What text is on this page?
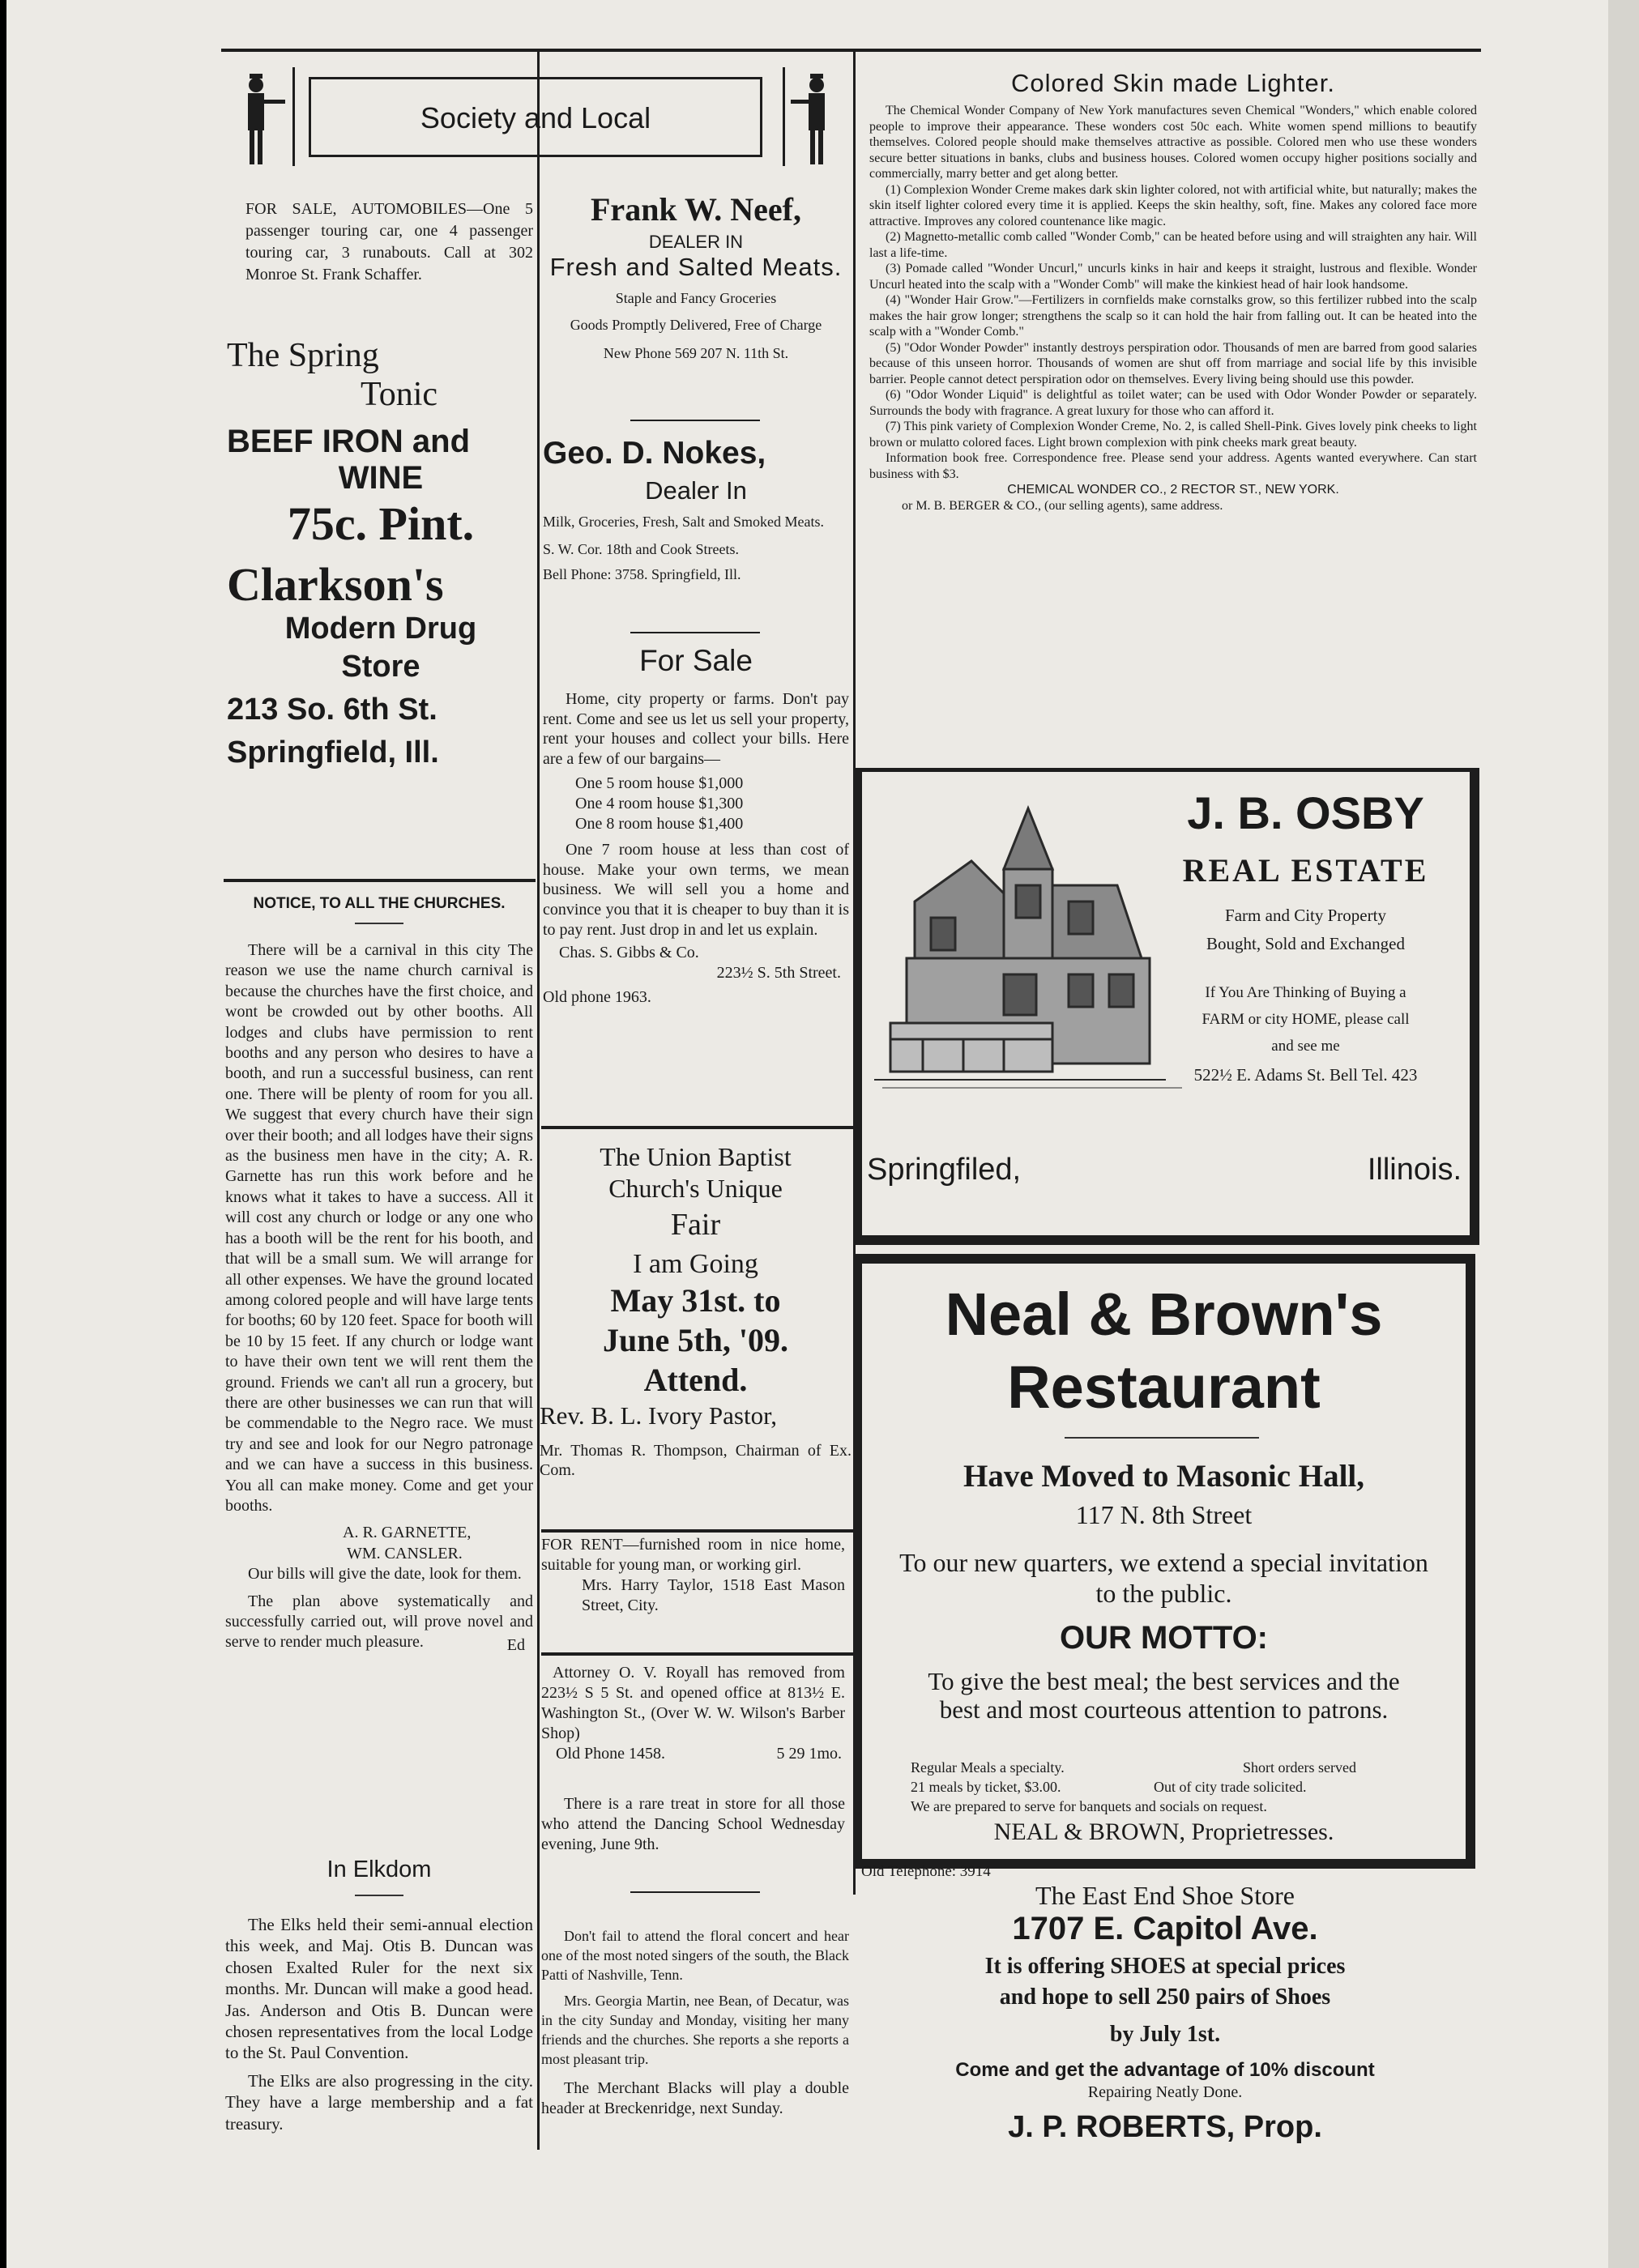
Society and Local
FOR SALE, AUTOMOBILES—One 5 passenger touring car, one 4 passenger touring car, 3 runabouts. Call at 302 Monroe St. Frank Schaffer.
The Spring
Tonic
BEEF IRON and
WINE
75c. Pint.
Clarkson's
Modern Drug
Store
213 So. 6th St.
Springfield, Ill.
NOTICE, TO ALL THE CHURCHES.

There will be a carnival in this city The reason we use the name church carnival is because the churches have the first choice, and wont be crowded out by other booths. All lodges and clubs have permission to rent booths and any person who desires to have a booth, and run a successful business, can rent one. There will be plenty of room for you all. We suggest that every church have their sign over their booth; and all lodges have their signs as the business men have in the city; A. R. Garnette has run this work before and he knows what it takes to have a success. All it will cost any church or lodge or any one who has a booth will be the rent for his booth, and that will be a small sum. We will arrange for all other expenses. We have the ground located among colored people and will have large tents for booths; 60 by 120 feet. Space for booth will be 10 by 15 feet. If any church or lodge want to have their own tent we will rent them the ground. Friends we can't all run a grocery, but there are other businesses we can run that will be commendable to the Negro race. We must try and see and look for our Negro patronage and we can have a success in this business. You all can make money. Come and get your booths.

A. R. GARNETTE,
WM. CANSLER.

Our bills will give the date, look for them.

The plan above systematically and successfully carried out, will prove novel and serve to render much pleasure.	Ed
In Elkdom

The Elks held their semi-annual election this week, and Maj. Otis B. Duncan was chosen Exalted Ruler for the next six months. Mr. Duncan will make a good head. Jas. Anderson and Otis B. Duncan were chosen representatives from the local Lodge to the St. Paul Convention.

The Elks are also progressing in the city. They have a large membership and a fat treasury.

Frank W. Neef,
DEALER IN
Fresh and Salted Meats.
Staple and Fancy Groceries
Goods Promptly Delivered, Free of Charge
New Phone 569 207 N. 11th St.
Geo. D. Nokes,
Dealer In
Milk, Groceries, Fresh, Salt and Smoked Meats.
S. W. Cor. 18th and Cook Streets.
Bell Phone: 3758. Springfield, Ill.
For Sale

Home, city property or farms. Don't pay rent. Come and see us let us sell your property, rent your houses and collect your bills. Here are a few of our bargains—

One 5 room house $1,000
One 4 room house $1,300
One 8 room house $1,400

One 7 room house at less than cost of house. Make your own terms, we mean business. We will sell you a home and convince you that it is cheaper to buy than it is to pay rent. Just drop in and let us explain.

Chas. S. Gibbs & Co.
223½ S. 5th Street.
Old phone 1963.
The Union Baptist
Church's Unique
Fair
I am Going
May 31st. to
June 5th, '09.
Attend.
Rev. B. L. Ivory Pastor,
Mr. Thomas R. Thompson, Chairman of Ex. Com.
FOR RENT—furnished room in nice home, suitable for young man, or working girl.
Mrs. Harry Taylor, 1518 East Mason Street, City.

Attorney O. V. Royall has removed from 223½ S 5 St. and opened office at 813½ E. Washington St., (Over W. W. Wilson's Barber Shop)

Old Phone 1458.	5 29 1mo.

There is a rare treat in store for all those who attend the Dancing School Wednesday evening, June 9th.

Don't fail to attend the floral concert and hear one of the most noted singers of the south, the Black Patti of Nashville, Tenn.

Mrs. Georgia Martin, nee Bean, of Decatur, was in the city Sunday and Monday, visiting her many friends and the churches. She reports a she reports a most pleasant trip.

The Merchant Blacks will play a double header at Breckenridge, next Sunday.

Colored Skin made Lighter.

The Chemical Wonder Company of New York manufactures seven Chemical "Wonders," which enable colored people to improve their appearance. These wonders cost 50c each. White women spend millions to beautify themselves. Colored people should make themselves attractive as possible. Colored men who use these wonders secure better situations in banks, clubs and business houses. Colored women occupy higher positions socially and commercially, marry better and get along better.

(1) Complexion Wonder Creme makes dark skin lighter colored, not with artificial white, but naturally; makes the skin itself lighter colored every time it is applied. Keeps the skin healthy, soft, fine. Makes any colored face more attractive. Improves any colored countenance like magic.

(2) Magnetto-metallic comb called "Wonder Comb," can be heated before using and will straighten any hair. Will last a life-time.

(3) Pomade called "Wonder Uncurl," uncurls kinks in hair and keeps it straight, lustrous and flexible. Wonder Uncurl heated into the scalp with a "Wonder Comb" will make the kinkiest head of hair look handsome.

(4) "Wonder Hair Grow."—Fertilizers in cornfields make cornstalks grow, so this fertilizer rubbed into the scalp makes the hair grow longer; strengthens the scalp so it can hold the hair from falling out. It can be heated into the scalp with a "Wonder Comb."

(5) "Odor Wonder Powder" instantly destroys perspiration odor. Thousands of men are barred from good salaries because of this unseen horror. Thousands of women are shut off from marriage and social life by this invisible barrier. People cannot detect perspiration odor on themselves. Every living being should use this powder.

(6) "Odor Wonder Liquid" is delightful as toilet water; can be used with Odor Wonder Powder or separately. Surrounds the body with fragrance. A great luxury for those who can afford it.

(7) This pink variety of Complexion Wonder Creme, No. 2, is called Shell-Pink. Gives lovely pink cheeks to light brown or mulatto colored faces. Light brown complexion with pink cheeks mark great beauty.

Information book free. Correspondence free. Please send your address. Agents wanted everywhere. Can start business with $3.

CHEMICAL WONDER CO., 2 RECTOR ST., NEW YORK.
or M. B. BERGER & CO., (our selling agents), same address.
J. B. OSBY
REAL ESTATE
Farm and City Property
Bought, Sold and Exchanged
If You Are Thinking of Buying a
FARM or city HOME, please call
and see me
522½ E. Adams St. Bell Tel. 423
Springfiled,	Illinois.
Neal & Brown's
Restaurant
Have Moved to Masonic Hall,
117 N. 8th Street
To our new quarters, we extend a special invitation to the public.
OUR MOTTO:
To give the best meal; the best services and the best and most courteous attention to patrons.
Regular Meals a specialty.	Short orders served
21 meals by ticket, $3.00.	Out of city trade solicited.
We are prepared to serve for banquets and socials on request.
NEAL & BROWN, Proprietresses.
Old Telephone: 3914
The East End Shoe Store
1707 E. Capitol Ave.
It is offering SHOES at special prices
and hope to sell 250 pairs of Shoes
by July 1st.
Come and get the advantage of 10% discount
Repairing Neatly Done.
J. P. ROBERTS, Prop.
